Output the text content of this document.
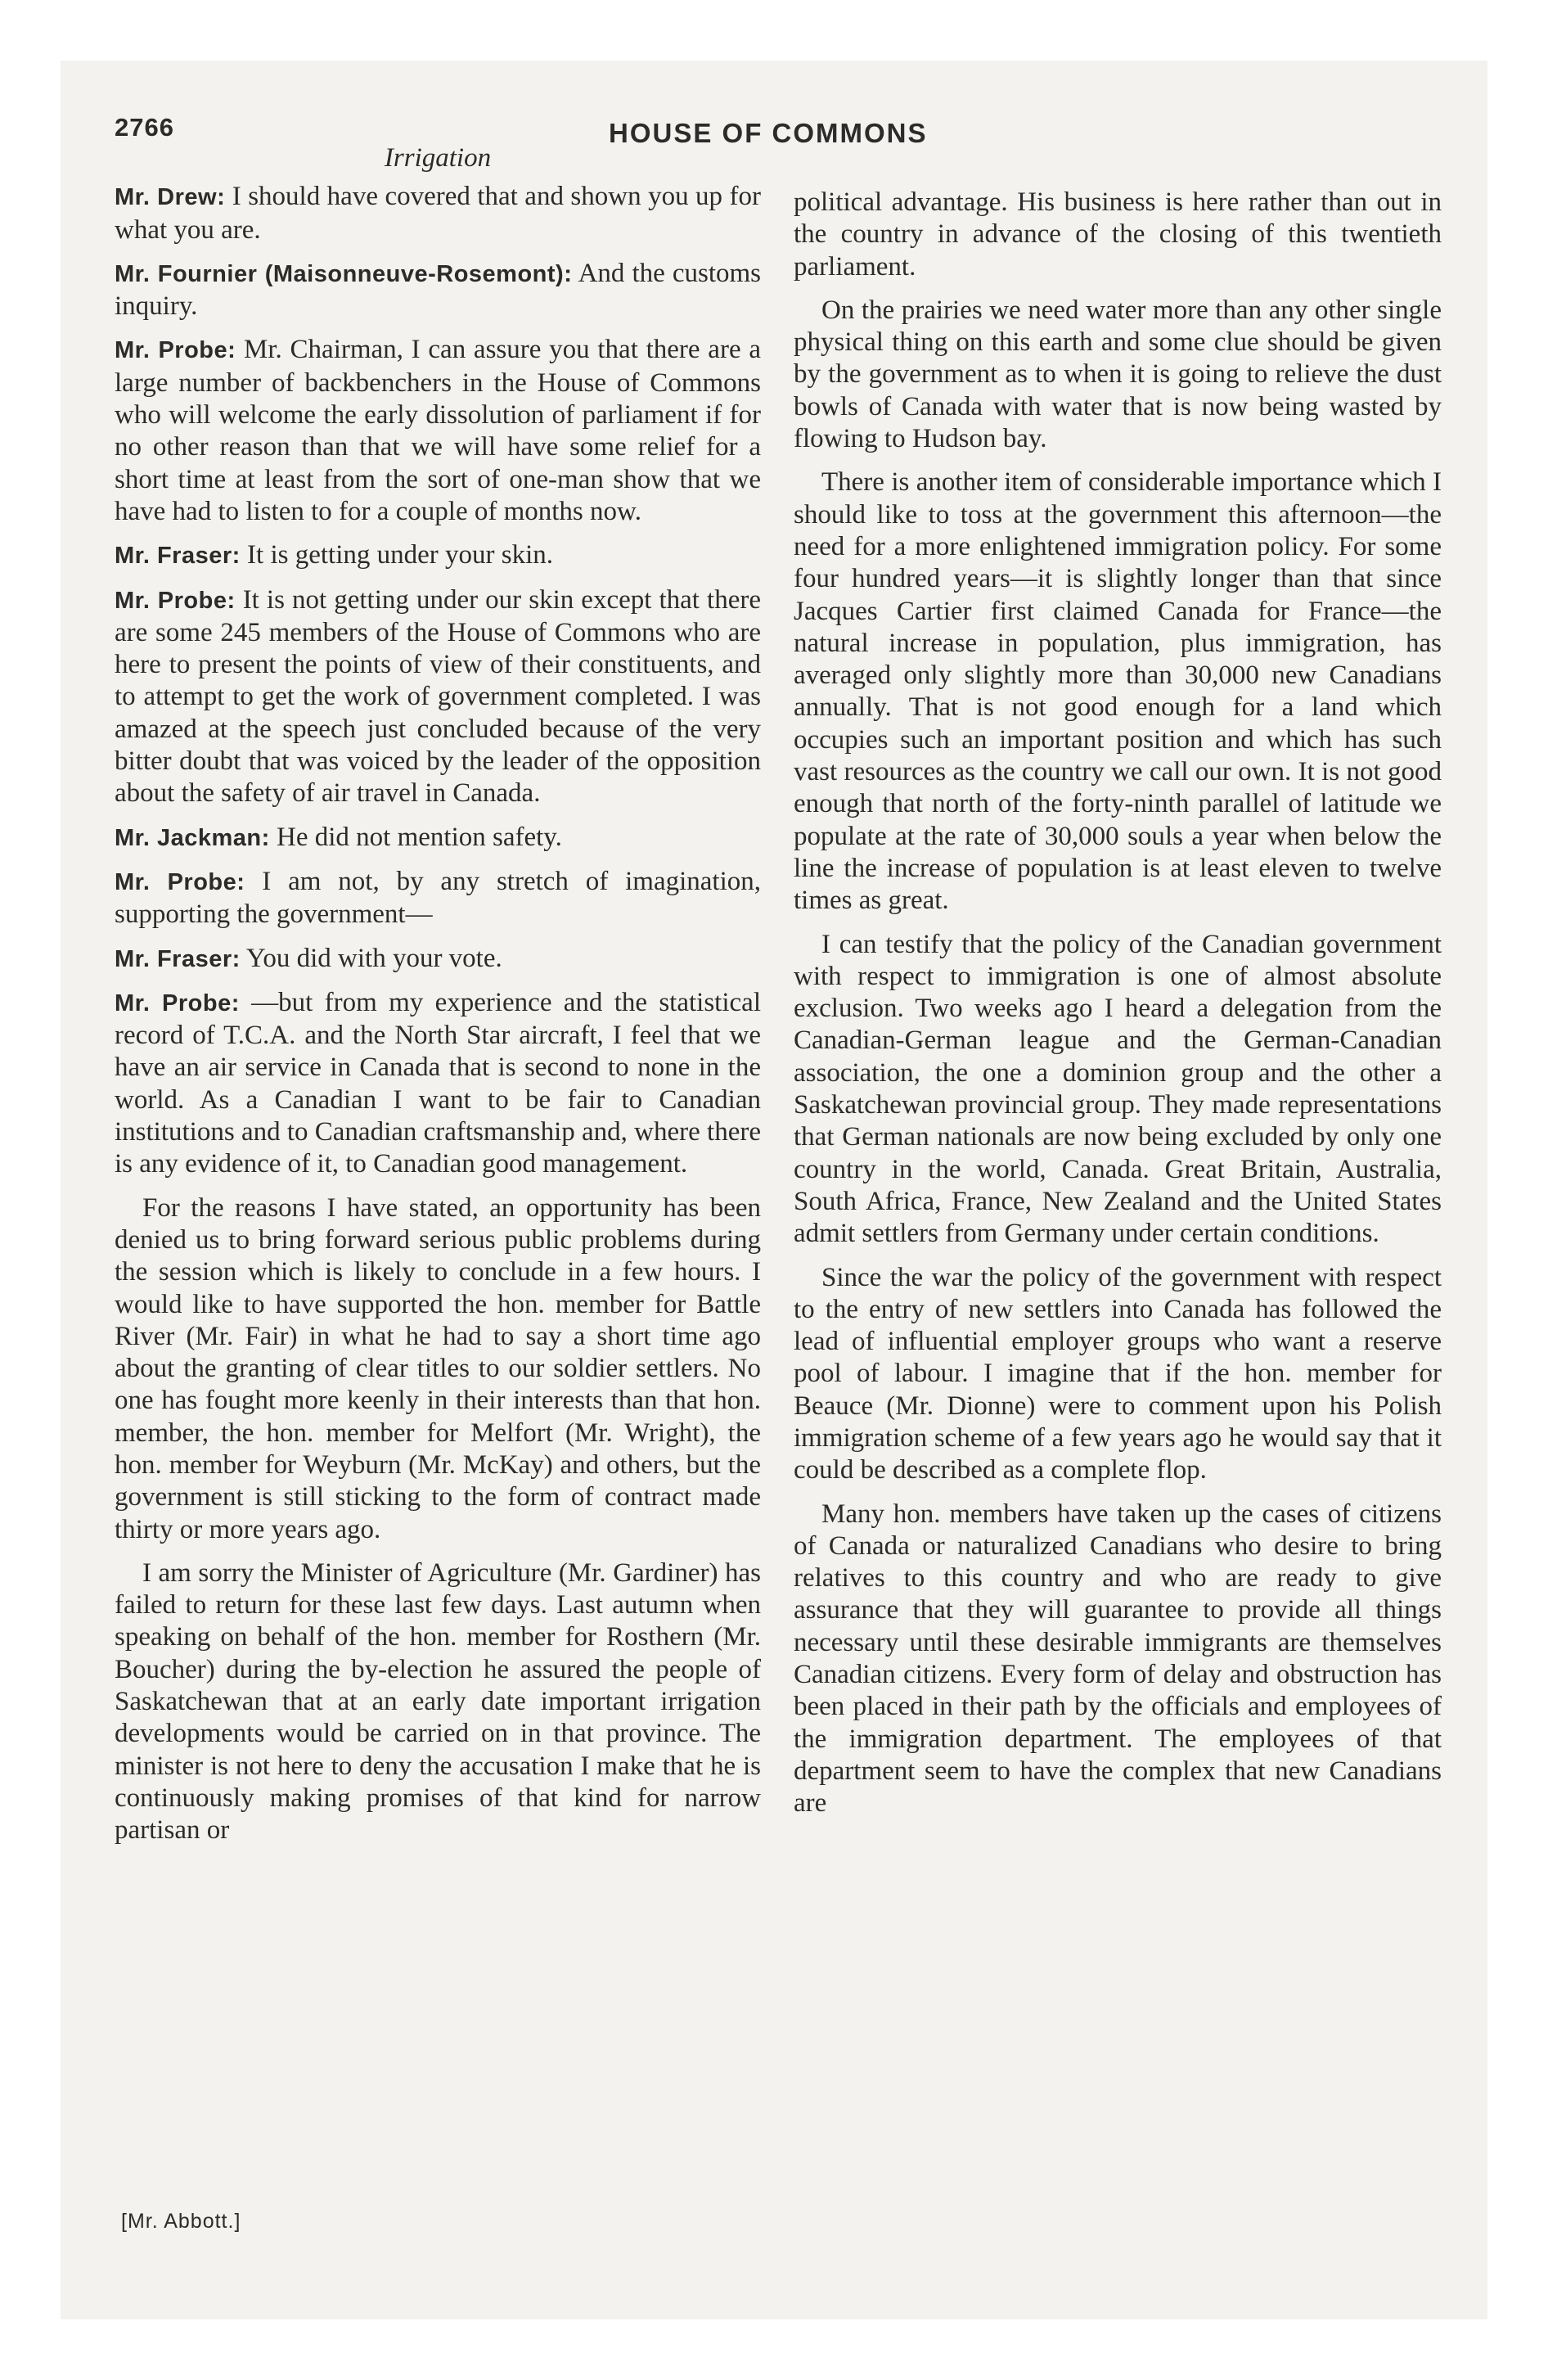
2766	HOUSE OF COMMONS
Irrigation

Mr. Drew: I should have covered that and shown you up for what you are.

Mr. Fournier (Maisonneuve-Rosemont): And the customs inquiry.

Mr. Probe: Mr. Chairman, I can assure you that there are a large number of backbenchers in the House of Commons who will welcome the early dissolution of parliament if for no other reason than that we will have some relief for a short time at least from the sort of one-man show that we have had to listen to for a couple of months now.

Mr. Fraser: It is getting under your skin.

Mr. Probe: It is not getting under our skin except that there are some 245 members of the House of Commons who are here to present the points of view of their constituents, and to attempt to get the work of government completed. I was amazed at the speech just concluded because of the very bitter doubt that was voiced by the leader of the opposition about the safety of air travel in Canada.

Mr. Jackman: He did not mention safety.

Mr. Probe: I am not, by any stretch of imagination, supporting the government—

Mr. Fraser: You did with your vote.

Mr. Probe: —but from my experience and the statistical record of T.C.A. and the North Star aircraft, I feel that we have an air service in Canada that is second to none in the world. As a Canadian I want to be fair to Canadian institutions and to Canadian craftsmanship and, where there is any evidence of it, to Canadian good management.

For the reasons I have stated, an opportunity has been denied us to bring forward serious public problems during the session which is likely to conclude in a few hours. I would like to have supported the hon. member for Battle River (Mr. Fair) in what he had to say a short time ago about the granting of clear titles to our soldier settlers. No one has fought more keenly in their interests than that hon. member, the hon. member for Melfort (Mr. Wright), the hon. member for Weyburn (Mr. McKay) and others, but the government is still sticking to the form of contract made thirty or more years ago.

I am sorry the Minister of Agriculture (Mr. Gardiner) has failed to return for these last few days. Last autumn when speaking on behalf of the hon. member for Rosthern (Mr. Boucher) during the by-election he assured the people of Saskatchewan that at an early date important irrigation developments would be carried on in that province. The minister is not here to deny the accusation I make that he is continuously making promises of that kind for narrow partisan or

political advantage. His business is here rather than out in the country in advance of the closing of this twentieth parliament.

On the prairies we need water more than any other single physical thing on this earth and some clue should be given by the government as to when it is going to relieve the dust bowls of Canada with water that is now being wasted by flowing to Hudson bay.

There is another item of considerable importance which I should like to toss at the government this afternoon—the need for a more enlightened immigration policy. For some four hundred years—it is slightly longer than that since Jacques Cartier first claimed Canada for France—the natural increase in population, plus immigration, has averaged only slightly more than 30,000 new Canadians annually. That is not good enough for a land which occupies such an important position and which has such vast resources as the country we call our own. It is not good enough that north of the forty-ninth parallel of latitude we populate at the rate of 30,000 souls a year when below the line the increase of population is at least eleven to twelve times as great.

I can testify that the policy of the Canadian government with respect to immigration is one of almost absolute exclusion. Two weeks ago I heard a delegation from the Canadian-German league and the German-Canadian association, the one a dominion group and the other a Saskatchewan provincial group. They made representations that German nationals are now being excluded by only one country in the world, Canada. Great Britain, Australia, South Africa, France, New Zealand and the United States admit settlers from Germany under certain conditions.

Since the war the policy of the government with respect to the entry of new settlers into Canada has followed the lead of influential employer groups who want a reserve pool of labour. I imagine that if the hon. member for Beauce (Mr. Dionne) were to comment upon his Polish immigration scheme of a few years ago he would say that it could be described as a complete flop.

Many hon. members have taken up the cases of citizens of Canada or naturalized Canadians who desire to bring relatives to this country and who are ready to give assurance that they will guarantee to provide all things necessary until these desirable immigrants are themselves Canadian citizens. Every form of delay and obstruction has been placed in their path by the officials and employees of the immigration department. The employees of that department seem to have the complex that new Canadians are

[Mr. Abbott.]
